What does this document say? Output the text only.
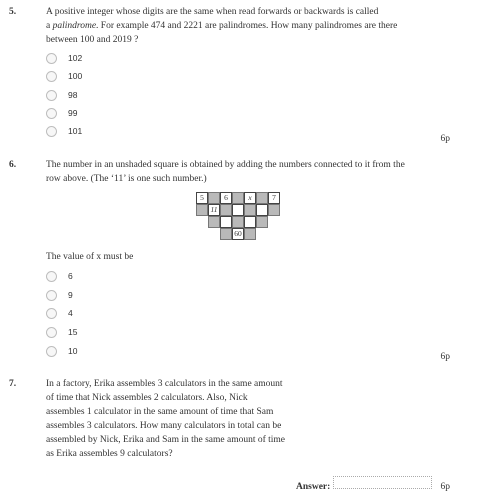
5.	A positive integer whose digits are the same when read forwards or backwards is called

a palindrome. For example 474 and 2221 are palindromes. How many palindromes are there

between 100 and 2019 ?

102
100
98
99
101
6p
6.	The number in an unshaded square is obtained by adding the numbers connected to it from the

row above. (The ‘11’ is one such number.)

5	6	x	7
11
60
The value of x must be
6
9
4
15
10
6p
7.	In a factory, Erika assembles 3 calculators in the same amount

of time that Nick assembles 2 calculators. Also, Nick

assembles 1 calculator in the same amount of time that Sam

assembles 3 calculators. How many calculators in total can be

assembled by Nick, Erika and Sam in the same amount of time

as Erika assembles 9 calculators?

Answer:	6p
